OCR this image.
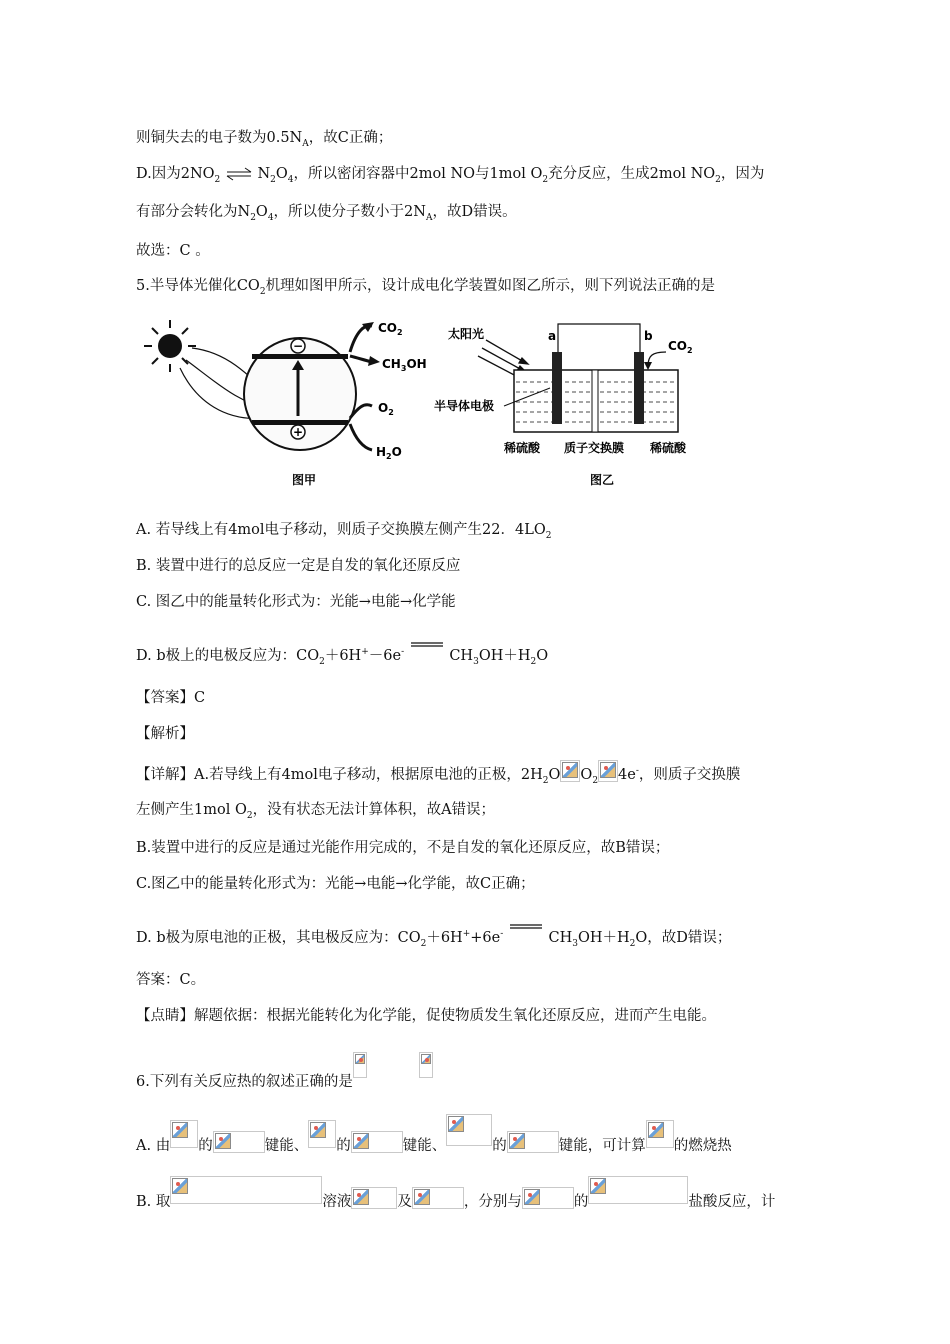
则铜失去的电子数为$0.5N_A$，故C正确；
D.因为$2NO_2$ ⇌ $N_2O_4$，所以密闭容器中2mol NO与1mol $O_2$充分反应，生成2mol $NO_2$，因为
有部分会转化为$N_2O_4$，所以使分子数小于$2N_A$，故D错误。
故选：C 。
5.半导体光催化$CO_2$机理如图甲所示，设计成电化学装置如图乙所示，则下列说法正确的是
−
+
$CO_2$
$CH_3OH$
$O_2$
$H_2O$
图甲
太阳光	a	b
$CO_2$
半导体电极
稀硫酸 质子交换膜 稀硫酸
图乙
A. 若导线上有4mol电子移动，则质子交换膜左侧产生22．$4LO_2$
B. 装置中进行的总反应一定是自发的氧化还原反应
C. 图乙中的能量转化形式为：光能→电能→化学能
D. b极上的电极反应为：$CO_2+6H^+-6e^-$	$CH_3OH+H_2O$
【答案】C
【解析】
【详解】A.若导线上有4mol电子移动，根据原电池的正极，$2H_2O$ $O_2$ 4e-，则质子交换膜
左侧产生1mol $O_2$，没有状态无法计算体积，故A错误；
B.装置中进行的反应是通过光能作用完成的，不是自发的氧化还原反应，故B错误；
C.图乙中的能量转化形式为：光能→电能→化学能，故C正确；
D. b极为原电池的正极，其电极反应为：$CO_2+6H^++6e^-$	$CH_3OH+H_2O$，故D错误；
答案：C。
【点睛】解题依据：根据光能转化为化学能，促使物质发生氧化还原反应，进而产生电能。
6.下列有关反应热的叙述正确的是
A. 由 的	键能、 的	键能、	的	键能，可计算 的燃烧热
B. 取	溶液	及	，分别与	的	盐酸反应，计
